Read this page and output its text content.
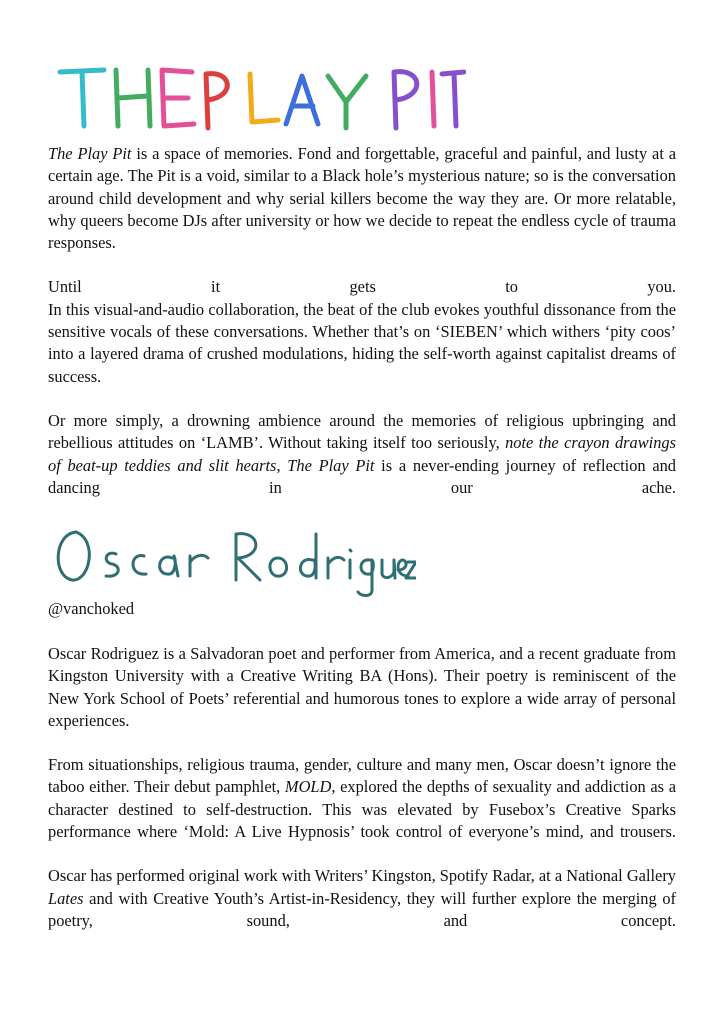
The Play Pit is a space of memories. Fond and forgettable, graceful and painful, and lusty at a certain age. The Pit is a void, similar to a Black hole’s mysterious nature; so is the conversation around child development and why serial killers become the way they are. Or more relatable, why queers become DJs after university or how we decide to repeat the endless cycle of trauma responses.

Until it gets to you.

In this visual-and-audio collaboration, the beat of the club evokes youthful dissonance from the sensitive vocals of these conversations. Whether that’s on ‘SIEBEN’ which withers ‘pity coos’ into a layered drama of crushed modulations, hiding the self-worth against capitalist dreams of success.

Or more simply, a drowning ambience around the memories of religious upbringing and rebellious attitudes on ‘LAMB’. Without taking itself too seriously, note the crayon drawings of beat-up teddies and slit hearts, The Play Pit is a never-ending journey of reflection and dancing in our ache.

@vanchoked

Oscar Rodriguez is a Salvadoran poet and performer from America, and a recent graduate from Kingston University with a Creative Writing BA (Hons). Their poetry is reminiscent of the New York School of Poets’ referential and humorous tones to explore a wide array of personal experiences.

From situationships, religious trauma, gender, culture and many men, Oscar doesn’t ignore the taboo either. Their debut pamphlet, MOLD, explored the depths of sexuality and addiction as a character destined to self-destruction. This was elevated by Fusebox’s Creative Sparks performance where ‘Mold: A Live Hypnosis’ took control of everyone’s mind, and trousers.

Oscar has performed original work with Writers’ Kingston, Spotify Radar, at a National Gallery Lates and with Creative Youth’s Artist-in-Residency, they will further explore the merging of poetry, sound, and concept.
